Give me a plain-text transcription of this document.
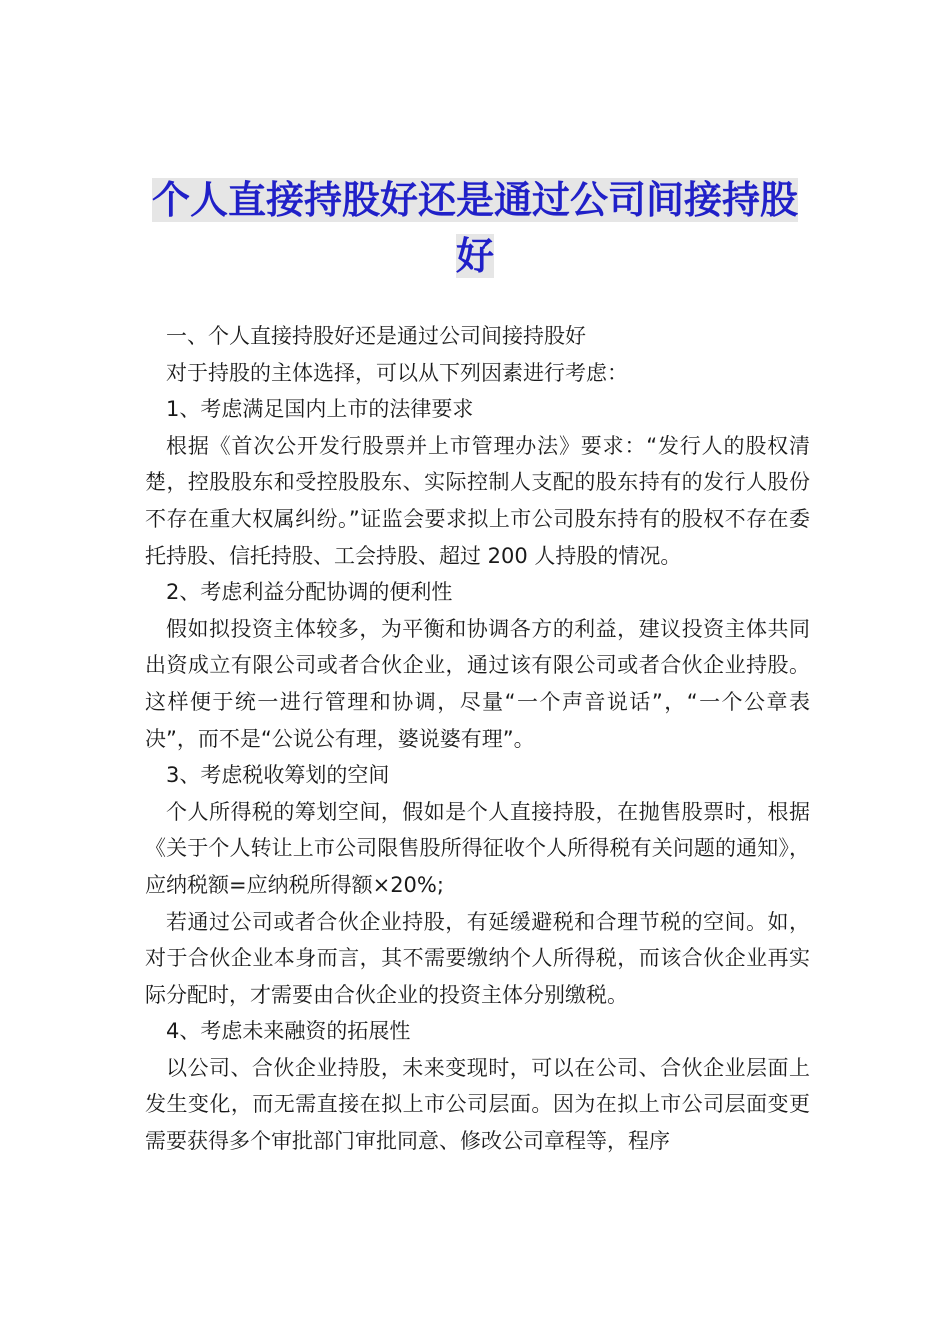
个人直接持股好还是通过公司间接持股好

一、个人直接持股好还是通过公司间接持股好

对于持股的主体选择，可以从下列因素进行考虑：

1、考虑满足国内上市的法律要求

根据《首次公开发行股票并上市管理办法》要求：“发行人的股权清楚，控股股东和受控股股东、实际控制人支配的股东持有的发行人股份不存在重大权属纠纷。”证监会要求拟上市公司股东持有的股权不存在委托持股、信托持股、工会持股、超过 200 人持股的情况。

2、考虑利益分配协调的便利性

假如拟投资主体较多，为平衡和协调各方的利益，建议投资主体共同出资成立有限公司或者合伙企业，通过该有限公司或者合伙企业持股。这样便于统一进行管理和协调，尽量“一个声音说话”，“一个公章表决”，而不是“公说公有理，婆说婆有理”。

3、考虑税收筹划的空间

个人所得税的筹划空间，假如是个人直接持股，在抛售股票时，根据《关于个人转让上市公司限售股所得征收个人所得税有关问题的通知》，应纳税额=应纳税所得额×20%;

若通过公司或者合伙企业持股，有延缓避税和合理节税的空间。如，对于合伙企业本身而言，其不需要缴纳个人所得税，而该合伙企业再实际分配时，才需要由合伙企业的投资主体分别缴税。

4、考虑未来融资的拓展性

以公司、合伙企业持股，未来变现时，可以在公司、合伙企业层面上发生变化，而无需直接在拟上市公司层面。因为在拟上市公司层面变更需要获得多个审批部门审批同意、修改公司章程等，程序
